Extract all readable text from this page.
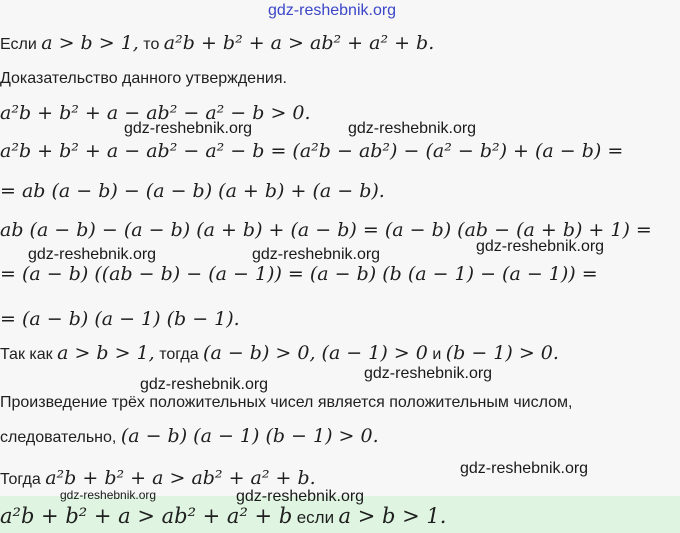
gdz-reshebnik.org
gdz-reshebnik.org	gdz-reshebnik.org
gdz-reshebnik.org
gdz-reshebnik.org	gdz-reshebnik.org
gdz-reshebnik.org
gdz-reshebnik.org
gdz-reshebnik.org
gdz-reshebnik.org	gdz-reshebnik.org
Если a > b > 1, то a²b + b² + a > ab² + a² + b.
Доказательство данного утверждения.
a²b + b² + a − ab² − a² − b > 0.
a²b + b² + a − ab² − a² − b = (a²b − ab²) − (a² − b²) + (a − b) =
= ab (a − b) − (a − b) (a + b) + (a − b).
ab (a − b) − (a − b) (a + b) + (a − b) = (a − b) (ab − (a + b) + 1) =
= (a − b) ((ab − b) − (a − 1)) = (a − b) (b (a − 1) − (a − 1)) =
= (a − b) (a − 1) (b − 1).
Так как a > b > 1, тогда (a − b) > 0, (a − 1) > 0 и (b − 1) > 0.
Произведение трёх положительных чисел является положительным числом,
следовательно, (a − b) (a − 1) (b − 1) > 0.
Тогда a²b + b² + a > ab² + a² + b.
a²b + b² + a > ab² + a² + b если a > b > 1.
